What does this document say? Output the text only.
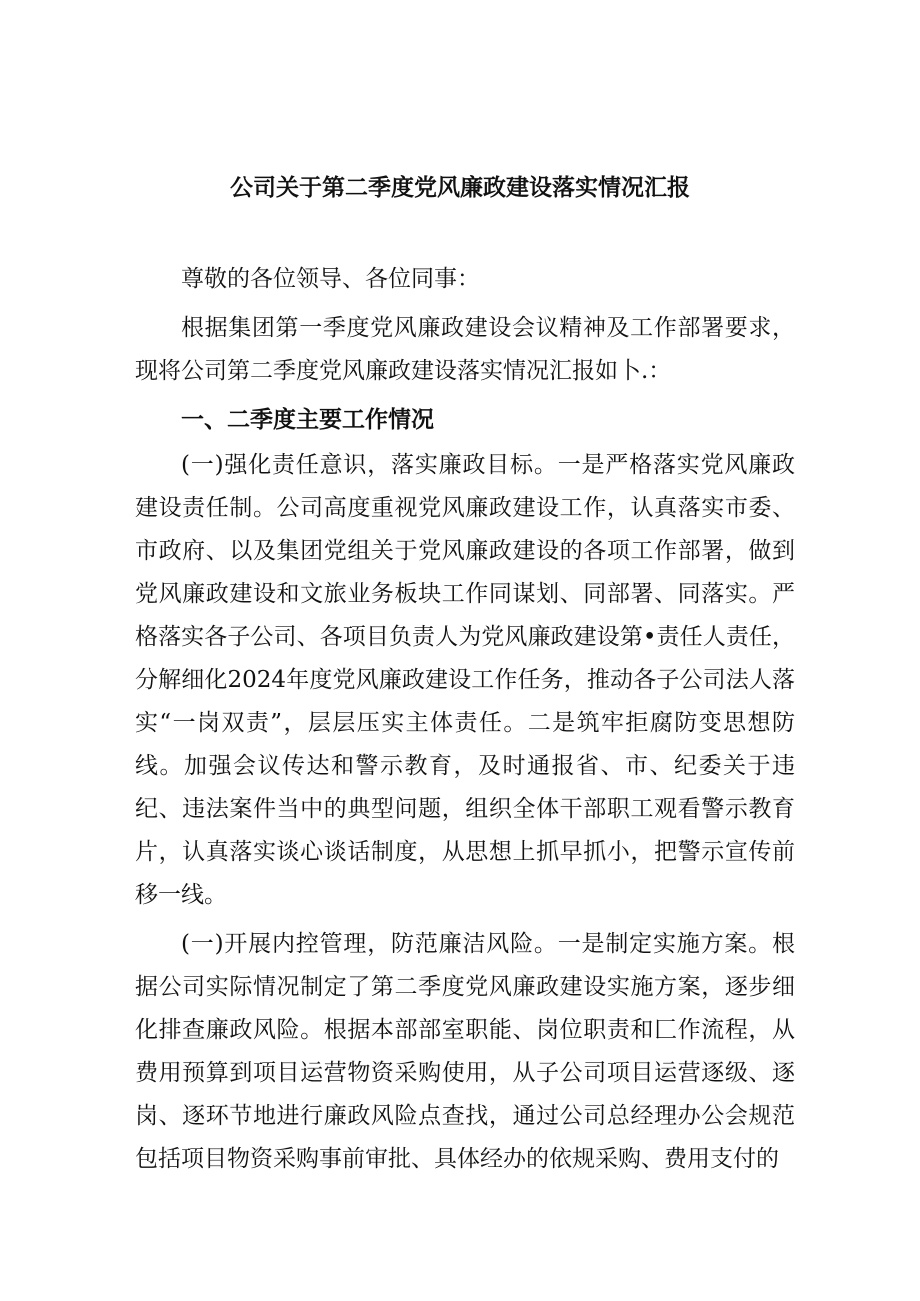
公司关于第二季度党风廉政建设落实情况汇报

尊敬的各位领导、各位同事：

根据集团第一季度党风廉政建设会议精神及工作部署要求，现将公司第二季度党风廉政建设落实情况汇报如卜.：

一、二季度主要工作情况

(一)强化责任意识，落实廉政目标。一是严格落实党风廉政建设责任制。公司高度重视党风廉政建设工作，认真落实市委、市政府、以及集团党组关于党风廉政建设的各项工作部署，做到党风廉政建设和文旅业务板块工作同谋划、同部署、同落实。严格落实各子公司、各项目负责人为党风廉政建设第•责任人责任，分解细化2024年度党风廉政建设工作任务，推动各子公司法人落实“一岗双责”，层层压实主体责任。二是筑牢拒腐防变思想防线。加强会议传达和警示教育，及时通报省、市、纪委关于违纪、违法案件当中的典型问题，组织全体干部职工观看警示教育片，认真落实谈心谈话制度，从思想上抓早抓小，把警示宣传前移一线。

(一)开展内控管理，防范廉洁风险。一是制定实施方案。根据公司实际情况制定了第二季度党风廉政建设实施方案，逐步细化排查廉政风险。根据本部部室职能、岗位职责和匚作流程，从费用预算到项目运营物资采购使用，从子公司项目运营逐级、逐岗、逐环节地进行廉政风险点查找，通过公司总经理办公会规范包括项目物资采购事前审批、具体经办的依规采购、费用支付的
